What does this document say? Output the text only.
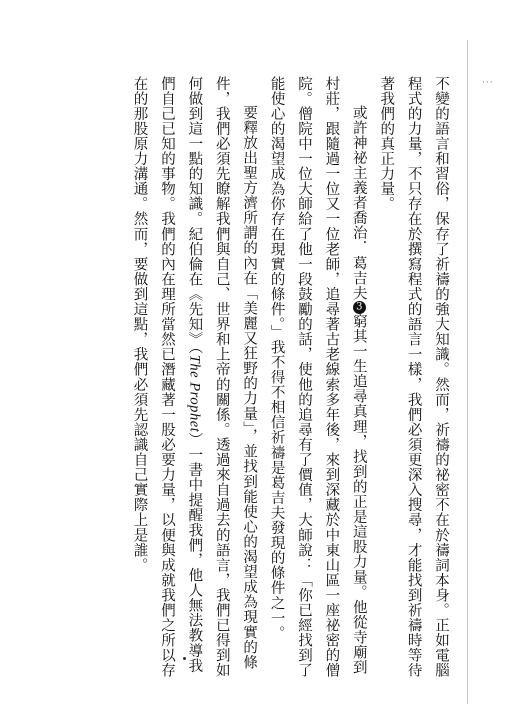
···

不變的語言和習俗，保存了祈禱的強大知識。然而，祈禱的祕密不在於禱詞本身。正如電腦程式的力量，不只存在於撰寫程式的語言一樣，我們必須更深入搜尋，才能找到祈禱時等待著我們的真正力量。

或許神祕主義者喬治．葛吉夫3窮其一生追尋真理，找到的正是這股力量。他從寺廟到村莊，跟隨過一位又一位老師，追尋著古老線索多年後，來到深藏於中東山區一座祕密的僧院。僧院中一位大師給了他一段鼓勵的話，使他的追尋有了價值，大師說：「你已經找到了能使心的渴望成為你存在現實的條件。」我不得不相信祈禱是葛吉夫發現的條件之一。

要釋放出聖方濟所謂的內在「美麗又狂野的力量」，並找到能使心的渴望成為現實的條件，我們必須先瞭解我們與自己、世界和上帝的關係。透過來自過去的語言，我們已得到如何做到這一點的知識。紀伯倫在《先知》（The Prophet）一書中提醒我們，他人無法教導我們自己已知的事物。我們的內在理所當然已潛藏著一股必要力量，以便與成就我們之所以存在的那股原力溝通。然而，要做到這點，我們必須先認識自己實際上是誰。
